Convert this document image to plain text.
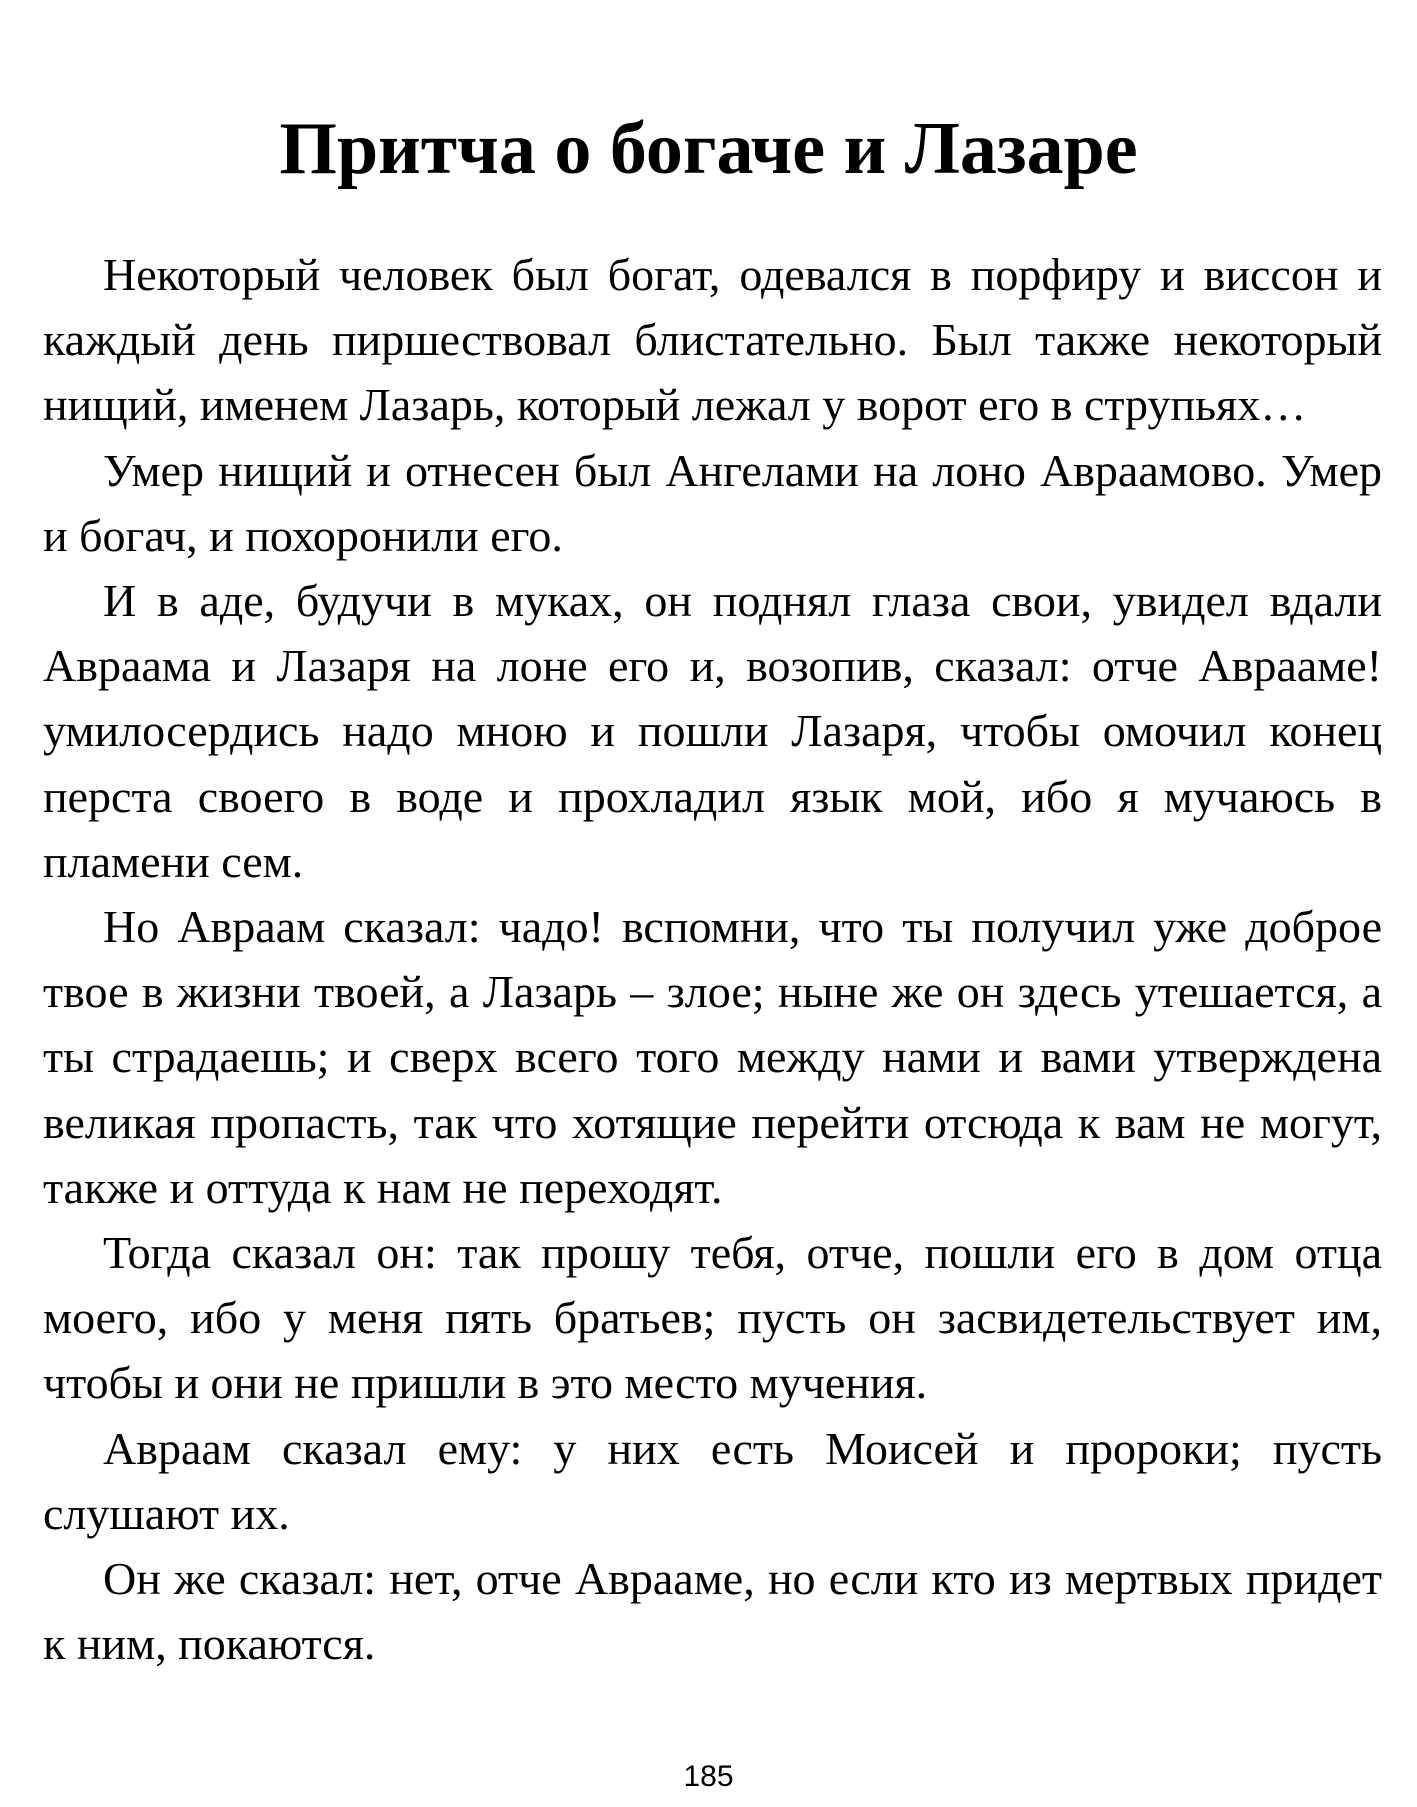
Притча о богаче и Лазаре

Некоторый человек был богат, одевался в порфиру и виссон и каждый день пиршествовал блистательно. Был также некоторый нищий, именем Лазарь, который лежал у ворот его в струпьях…

Умер нищий и отнесен был Ангелами на лоно Авраамово. Умер и богач, и похоронили его.

И в аде, будучи в муках, он поднял глаза свои, увидел вдали Авраама и Лазаря на лоне его и, возопив, сказал: отче Аврааме! умилосердись надо мною и пошли Лазаря, чтобы омочил конец перста своего в воде и прохладил язык мой, ибо я мучаюсь в пламени сем.

Но Авраам сказал: чадо! вспомни, что ты получил уже доброе твое в жизни твоей, а Лазарь – злое; ныне же он здесь утешается, а ты страдаешь; и сверх всего того между нами и вами утверждена великая пропасть, так что хотящие перейти отсюда к вам не могут, также и оттуда к нам не переходят.

Тогда сказал он: так прошу тебя, отче, пошли его в дом отца моего, ибо у меня пять братьев; пусть он засвидетельствует им, чтобы и они не пришли в это место мучения.

Авраам сказал ему: у них есть Моисей и пророки; пусть слушают их.

Он же сказал: нет, отче Аврааме, но если кто из мертвых придет к ним, покаются.

185
